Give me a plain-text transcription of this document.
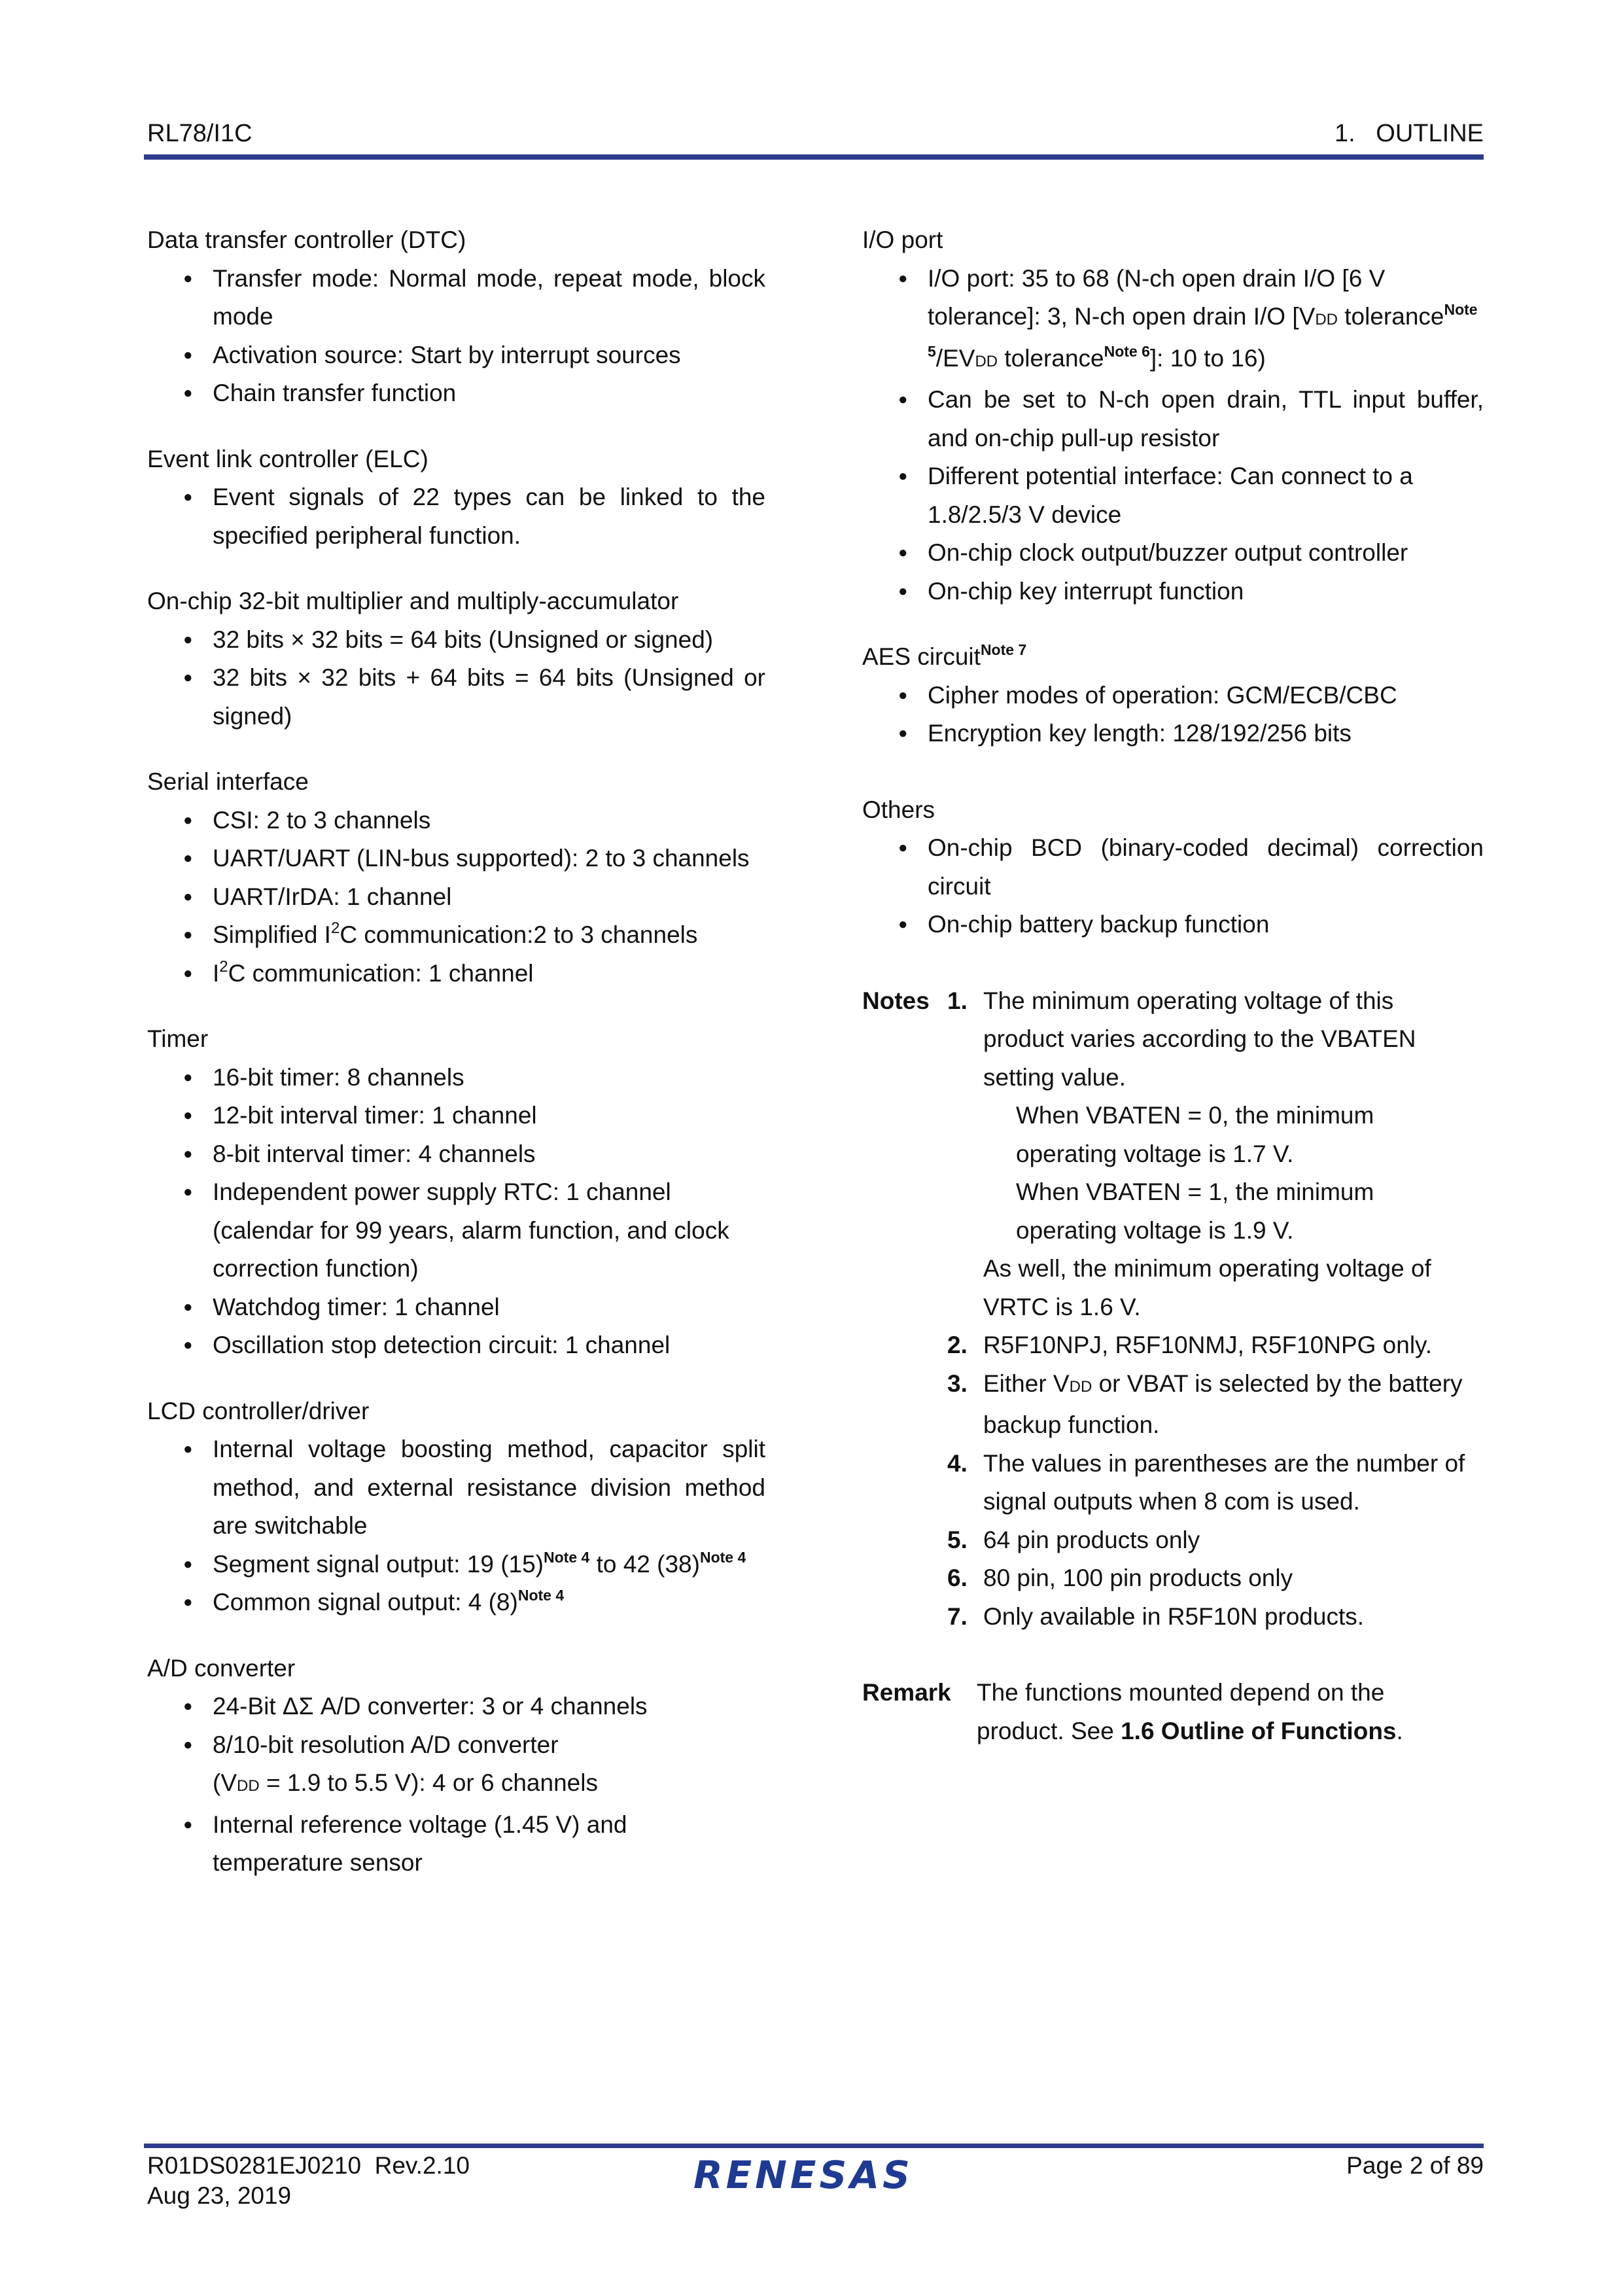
RL78/I1C	1.   OUTLINE
Data transfer controller (DTC)
● Transfer mode: Normal mode, repeat mode, block mode
● Activation source: Start by interrupt sources
● Chain transfer function
Event link controller (ELC)
● Event signals of 22 types can be linked to the specified peripheral function.
On-chip 32-bit multiplier and multiply-accumulator
● 32 bits × 32 bits = 64 bits (Unsigned or signed)
● 32 bits × 32 bits + 64 bits = 64 bits (Unsigned or signed)
Serial interface
● CSI: 2 to 3 channels
● UART/UART (LIN-bus supported): 2 to 3 channels
● UART/IrDA: 1 channel
● Simplified $I^2C$ communication:2 to 3 channels
● $I^2C$ communication: 1 channel
Timer
● 16-bit timer: 8 channels
● 12-bit interval timer: 1 channel
● 8-bit interval timer: 4 channels
● Independent power supply RTC: 1 channel (calendar for 99 years, alarm function, and clock correction function)
● Watchdog timer: 1 channel
● Oscillation stop detection circuit: 1 channel
LCD controller/driver
● Internal voltage boosting method, capacitor split method, and external resistance division method are switchable
● Segment signal output: 19 $(15)^{Note 4}$ to 42 $(38)^{Note 4}$
● Common signal output: 4 $(8)^{Note 4}$
A/D converter
● 24-Bit ΔΣ A/D converter: 3 or 4 channels
● 8/10-bit resolution A/D converter
(VDD = 1.9 to 5.5 V): 4 or 6 channels
● Internal reference voltage (1.45 V) and
temperature sensor
I/O port
● I/O port: 35 to 68 (N-ch open drain I/O [6 V tolerance]: 3, N-ch open drain I/O [VDD tolerance$^{Note 5}$/EVDD tolerance$^{Note 6}$]: 10 to 16)
● Can be set to N-ch open drain, TTL input buffer, and on-chip pull-up resistor
● Different potential interface: Can connect to a 1.8/2.5/3 V device
● On-chip clock output/buzzer output controller
● On-chip key interrupt function
AES circuit$^{Note 7}$
● Cipher modes of operation: GCM/ECB/CBC
● Encryption key length: 128/192/256 bits
Others
● On-chip BCD (binary-coded decimal) correction circuit
● On-chip battery backup function
Notes 1. The minimum operating voltage of this product varies according to the VBATEN setting value.
When VBATEN = 0, the minimum operating voltage is 1.7 V.
When VBATEN = 1, the minimum operating voltage is 1.9 V.
As well, the minimum operating voltage of VRTC is 1.6 V.
2. R5F10NPJ, R5F10NMJ, R5F10NPG only.
3. Either VDD or VBAT is selected by the battery backup function.
4. The values in parentheses are the number of signal outputs when 8 com is used.
5. 64 pin products only
6. 80 pin, 100 pin products only
7. Only available in R5F10N products.
Remark The functions mounted depend on the product. See 1.6 Outline of Functions.
R01DS0281EJ0210  Rev.2.10
Aug 23, 2019	RENESAS	Page 2 of 89
